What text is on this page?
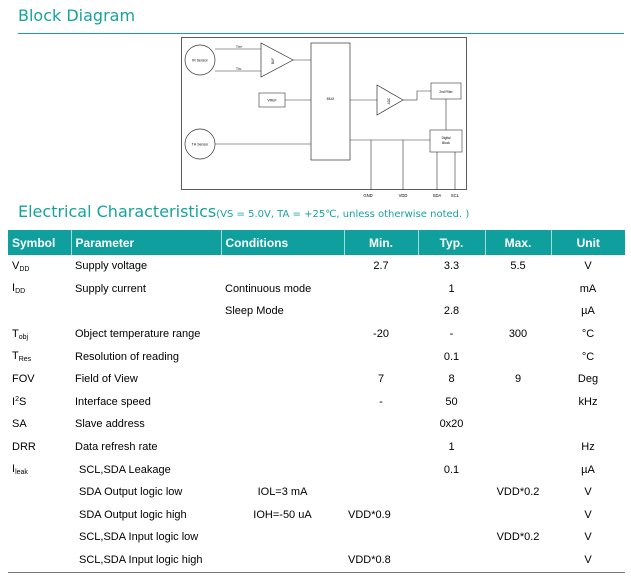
Block Diagram
IR Sensor
TH Sensor
TIn+
TIn-
BUF
VREF	MUX	ADC
2nd Filter
Digital
Block
GND	VDD	SDA SCL
Electrical Characteristics(VS = 5.0V, TA = +25℃, unless otherwise noted. )
Symbol	Parameter	Conditions	Min.	Typ.	Max.	Unit
$V_{DD}$	Supply voltage		2.7	3.3	5.5	V
$I_{DD}$	Supply current	Continuous mode		1		mA
		Sleep Mode		2.8		µA
$T_{obj}$	Object temperature range		-20	-	300	°C
$T_{Res}$	Resolution of reading			0.1		°C
FOV	Field of View		7	8	9	Deg
$I^2S$	Interface speed		-	50		kHz
SA	Slave address			0x20		
DRR	Data refresh rate			1		Hz
$I_{leak}$	SCL,SDA Leakage			0.1		µA
	SDA Output logic low	IOL=3 mA			VDD*0.2	V
	SDA Output logic high	IOH=-50 uA	VDD*0.9			V
	SCL,SDA Input logic low				VDD*0.2	V
	SCL,SDA Input logic high		VDD*0.8			V
